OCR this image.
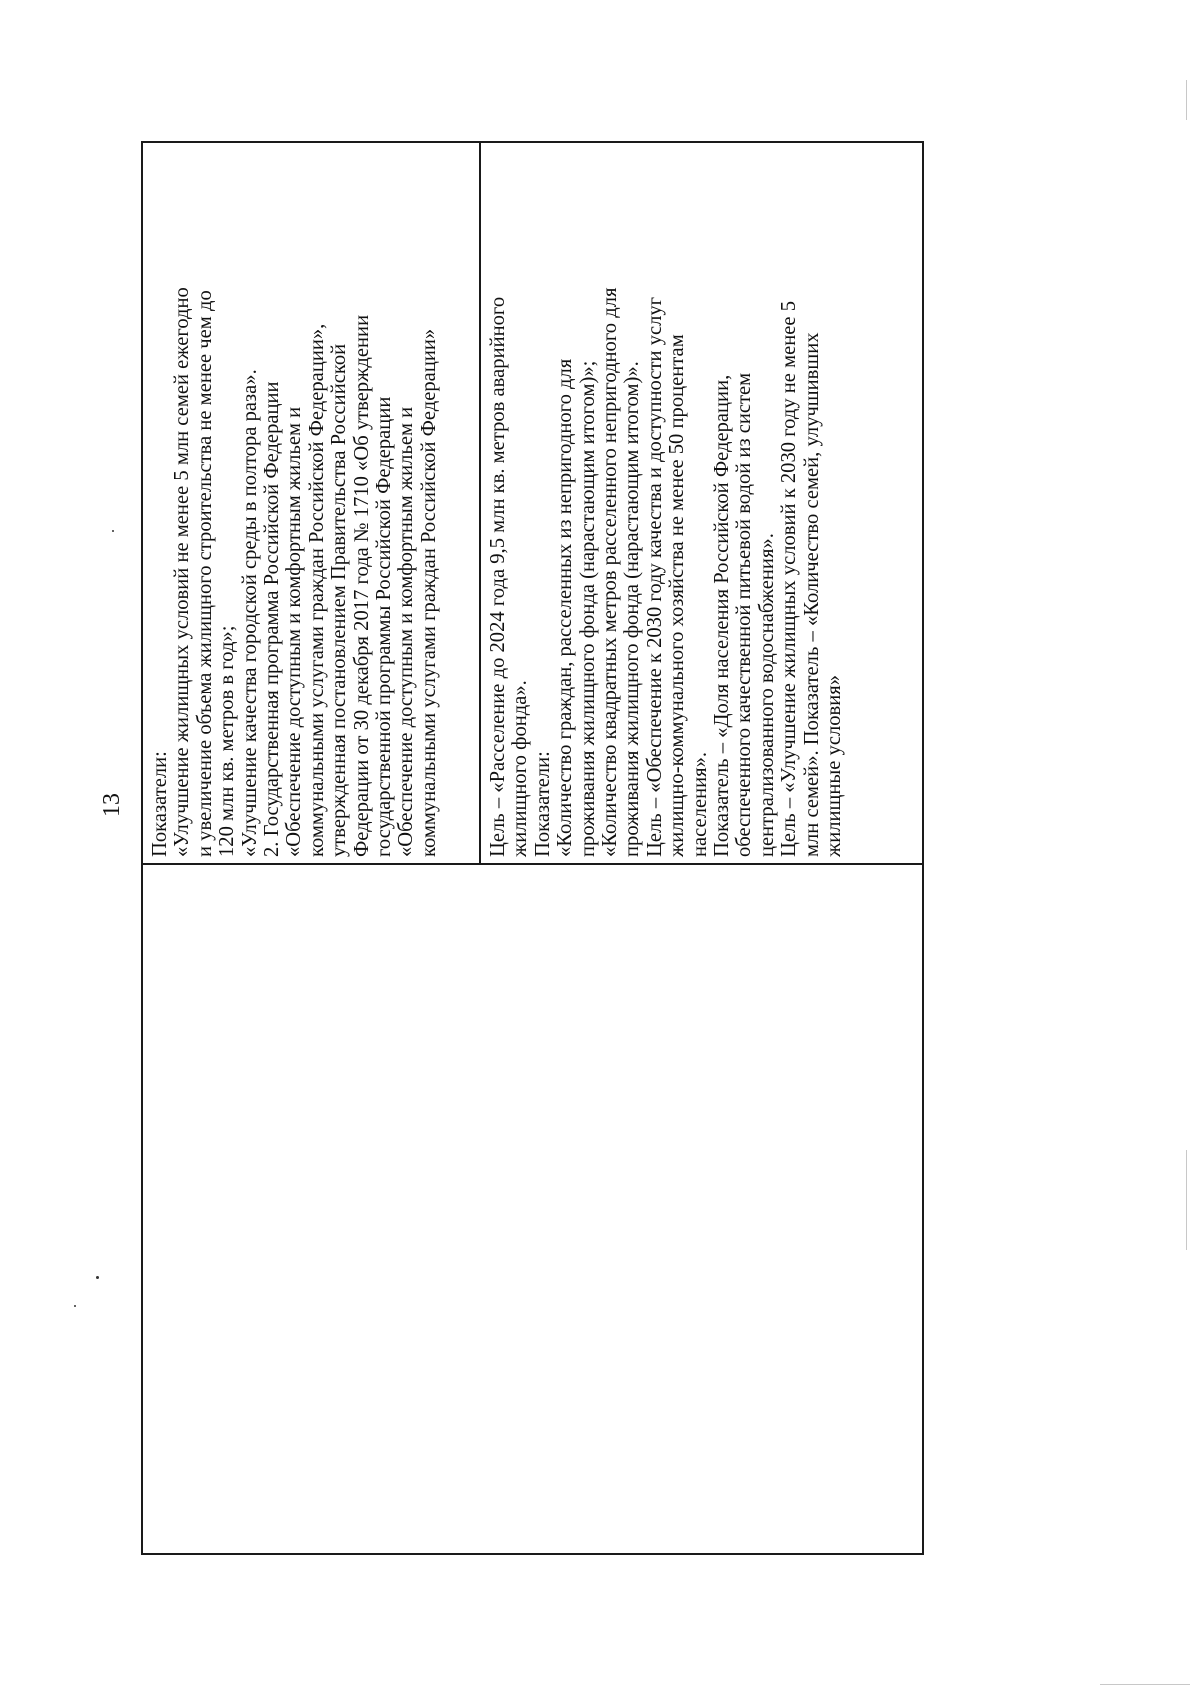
13 Показатели: «Улучшение жилищных условий не менее 5 млн семей ежегодно и увеличение объема жилищного строительства не менее чем до 120 млн кв. метров в год»; «Улучшение качества городской среды в полтора раза». 2. Государственная программа Российской Федерации «Обеспечение доступным и комфортным жильем и коммунальными услугами граждан Российской Федерации», утвержденная постановлением Правительства Российской Федерации от 30 декабря 2017 года № 1710 «Об утверждении государственной программы Российской Федерации «Обеспечение доступным и комфортным жильем и коммунальными услугами граждан Российской Федерации» Цель – «Расселение до 2024 года 9,5 млн кв. метров аварийного жилищного фонда». Показатели: «Количество граждан, расселенных из непригодного для проживания жилищного фонда (нарастающим итогом)»; «Количество квадратных метров расселенного непригодного для проживания жилищного фонда (нарастающим итогом)». Цель – «Обеспечение к 2030 году качества и доступности услуг жилищно-коммунального хозяйства не менее 50 процентам населения». Показатель – «Доля населения Российской Федерации, обеспеченного качественной питьевой водой из систем централизованного водоснабжения». Цель – «Улучшение жилищных условий к 2030 году не менее 5 млн семей». Показатель – «Количество семей, улучшивших жилищные условия»
